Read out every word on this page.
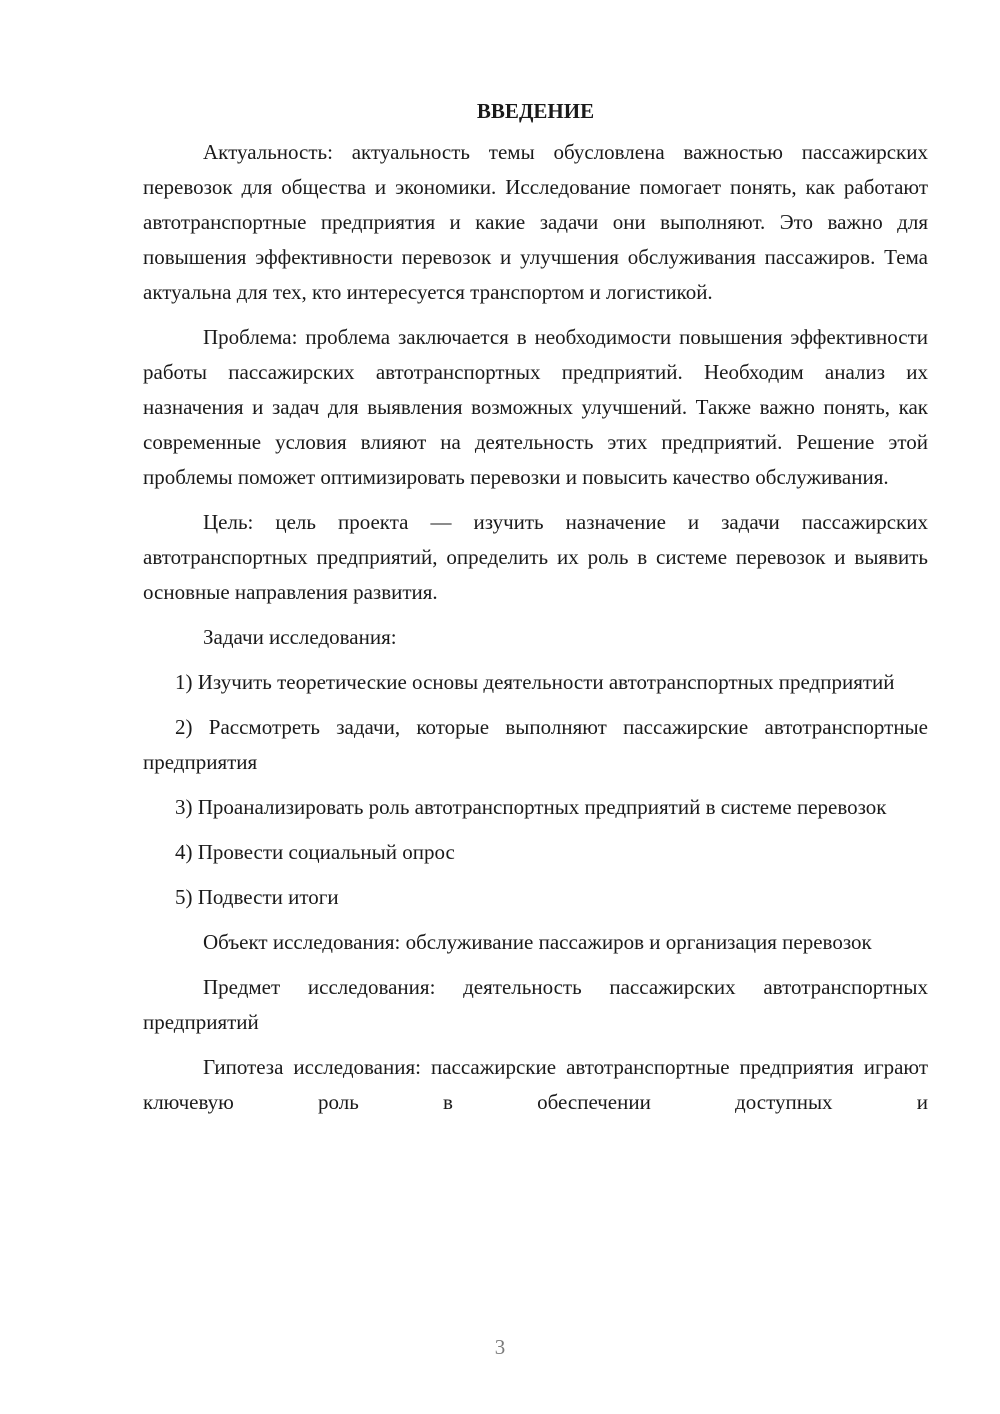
ВВЕДЕНИЕ

Актуальность: актуальность темы обусловлена важностью пассажирских перевозок для общества и экономики. Исследование помогает понять, как работают автотранспортные предприятия и какие задачи они выполняют. Это важно для повышения эффективности перевозок и улучшения обслуживания пассажиров. Тема актуальна для тех, кто интересуется транспортом и логистикой.

Проблема: проблема заключается в необходимости повышения эффективности работы пассажирских автотранспортных предприятий. Необходим анализ их назначения и задач для выявления возможных улучшений. Также важно понять, как современные условия влияют на деятельность этих предприятий. Решение этой проблемы поможет оптимизировать перевозки и повысить качество обслуживания.

Цель: цель проекта — изучить назначение и задачи пассажирских автотранспортных предприятий, определить их роль в системе перевозок и выявить основные направления развития.

Задачи исследования:

1) Изучить теоретические основы деятельности автотранспортных предприятий

2) Рассмотреть задачи, которые выполняют пассажирские автотранспортные предприятия

3) Проанализировать роль автотранспортных предприятий в системе перевозок

4) Провести социальный опрос

5) Подвести итоги

Объект исследования: обслуживание пассажиров и организация перевозок

Предмет исследования: деятельность пассажирских автотранспортных предприятий

Гипотеза исследования: пассажирские автотранспортные предприятия играют ключевую роль в обеспечении доступных и

3
